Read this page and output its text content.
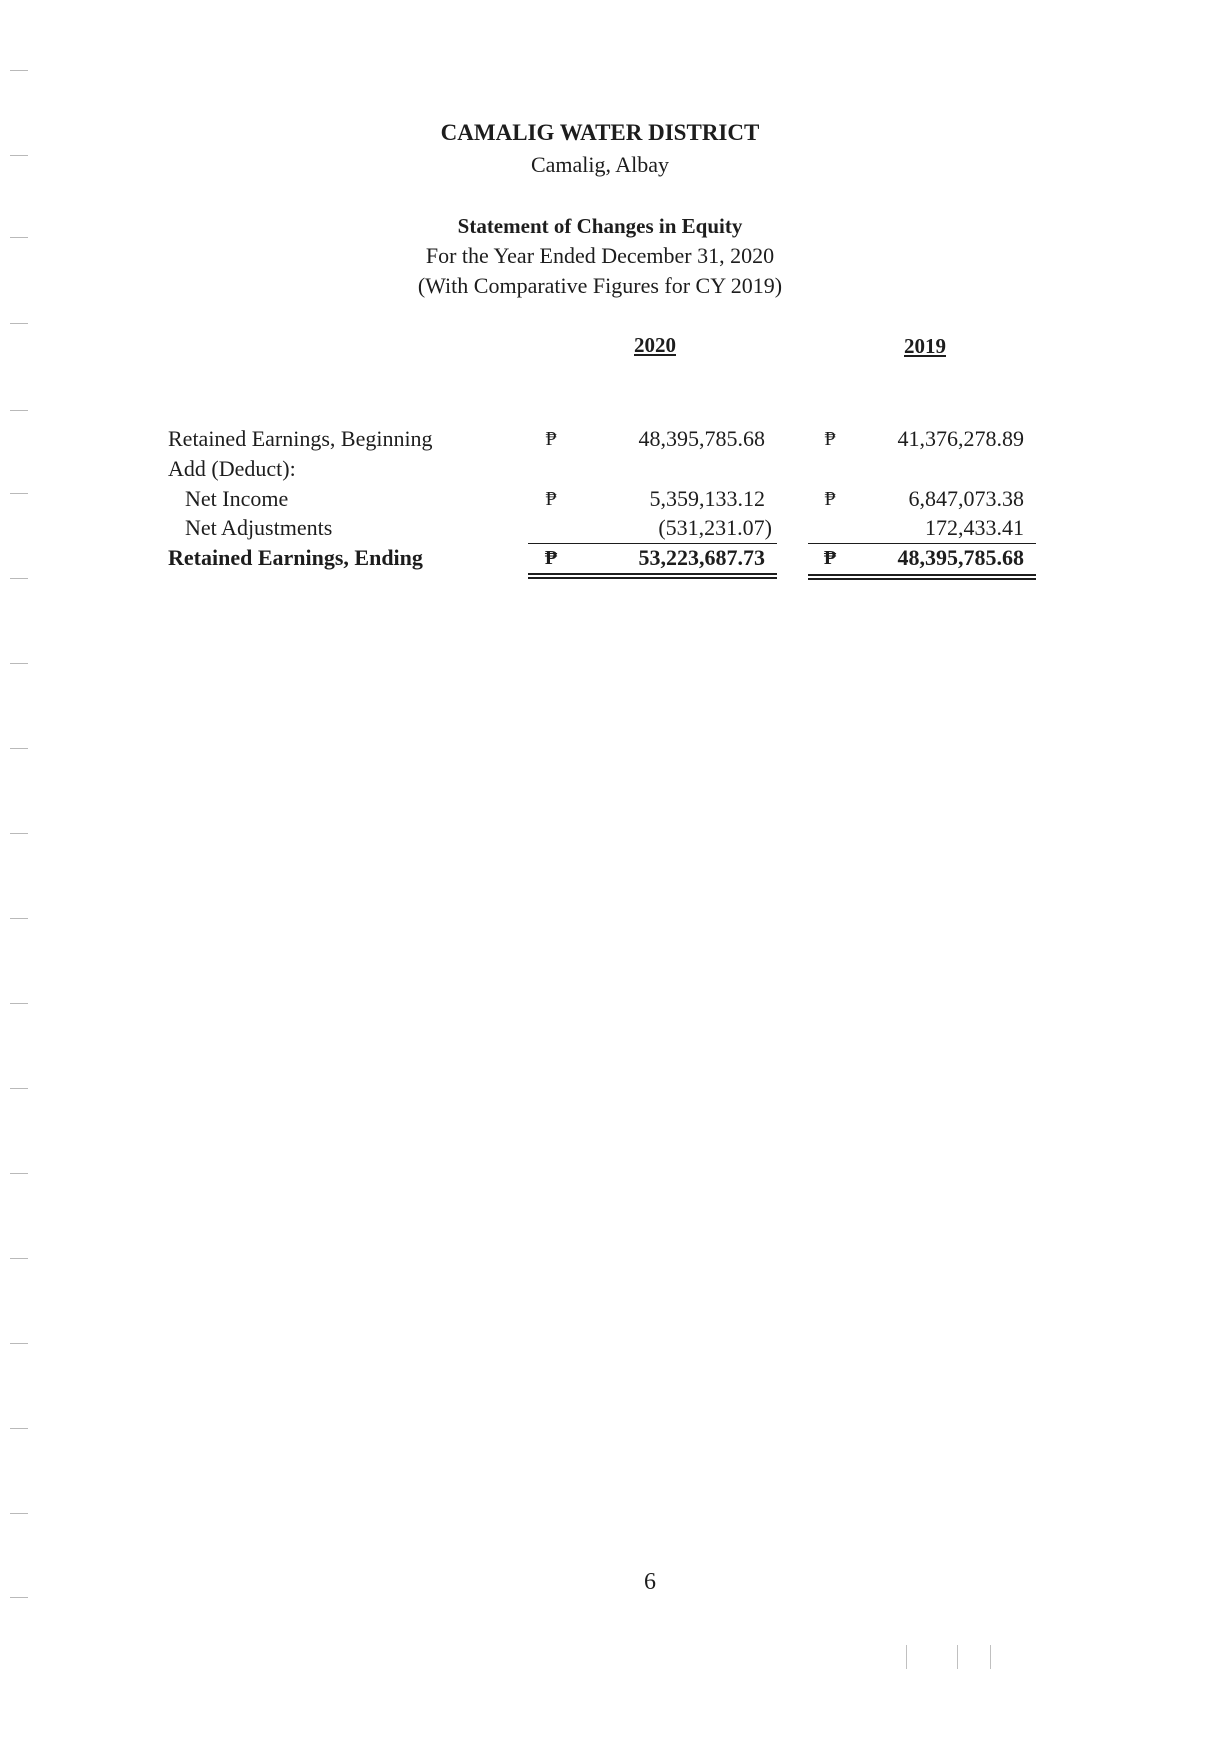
CAMALIG WATER DISTRICT
Camalig, Albay
Statement of Changes in Equity
For the Year Ended December 31, 2020
(With Comparative Figures for CY 2019)
2020	2019
Retained Earnings, Beginning	₱	48,395,785.68	₱	41,376,278.89
Add (Deduct):
Net Income	₱	5,359,133.12	₱	6,847,073.38
Net Adjustments	(531,231.07)	172,433.41
Retained Earnings, Ending	₱	53,223,687.73	₱	48,395,785.68
6
